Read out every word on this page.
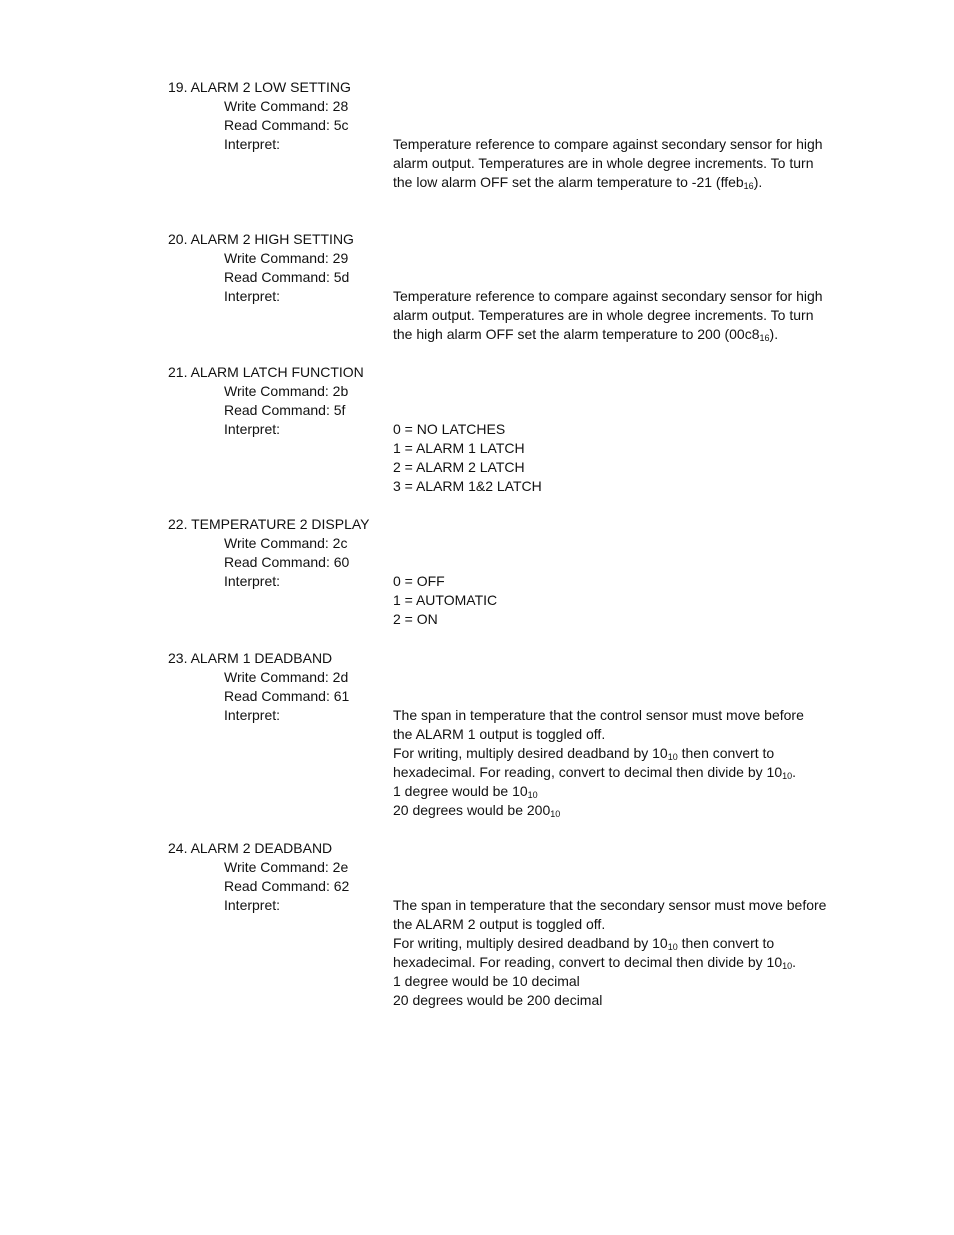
19. ALARM 2 LOW SETTING
Write Command: 28
Read Command: 5c
Interpret:	Temperature reference to compare against secondary sensor for high
alarm output. Temperatures are in whole degree increments. To turn
the low alarm OFF set the alarm temperature to -21 (ffeb$_{16}$).
20. ALARM 2 HIGH SETTING
Write Command: 29
Read Command: 5d
Interpret:	Temperature reference to compare against secondary sensor for high
alarm output. Temperatures are in whole degree increments. To turn
the high alarm OFF set the alarm temperature to 200 $(00c8_{16})$.
21. ALARM LATCH FUNCTION
Write Command: 2b
Read Command: 5f
Interpret:	0 = NO LATCHES
1 = ALARM 1 LATCH
2 = ALARM 2 LATCH
3 = ALARM 1&2 LATCH
22. TEMPERATURE 2 DISPLAY
Write Command: 2c
Read Command: 60
Interpret:	0 = OFF
1 = AUTOMATIC
2 = ON
23. ALARM 1 DEADBAND
Write Command: 2d
Read Command: 61
Interpret:	The span in temperature that the control sensor must move before
the ALARM 1 output is toggled off.
For writing, multiply desired deadband by $10_{10}$ then convert to
hexadecimal. For reading, convert to decimal then divide by $10_{10}$.
1 degree would be $10_{10}$
20 degrees would be $200_{10}$
24. ALARM 2 DEADBAND
Write Command: 2e
Read Command: 62
Interpret:	The span in temperature that the secondary sensor must move before
the ALARM 2 output is toggled off.
For writing, multiply desired deadband by $10_{10}$ then convert to
hexadecimal. For reading, convert to decimal then divide by $10_{10}$.
1 degree would be 10 decimal
20 degrees would be 200 decimal
